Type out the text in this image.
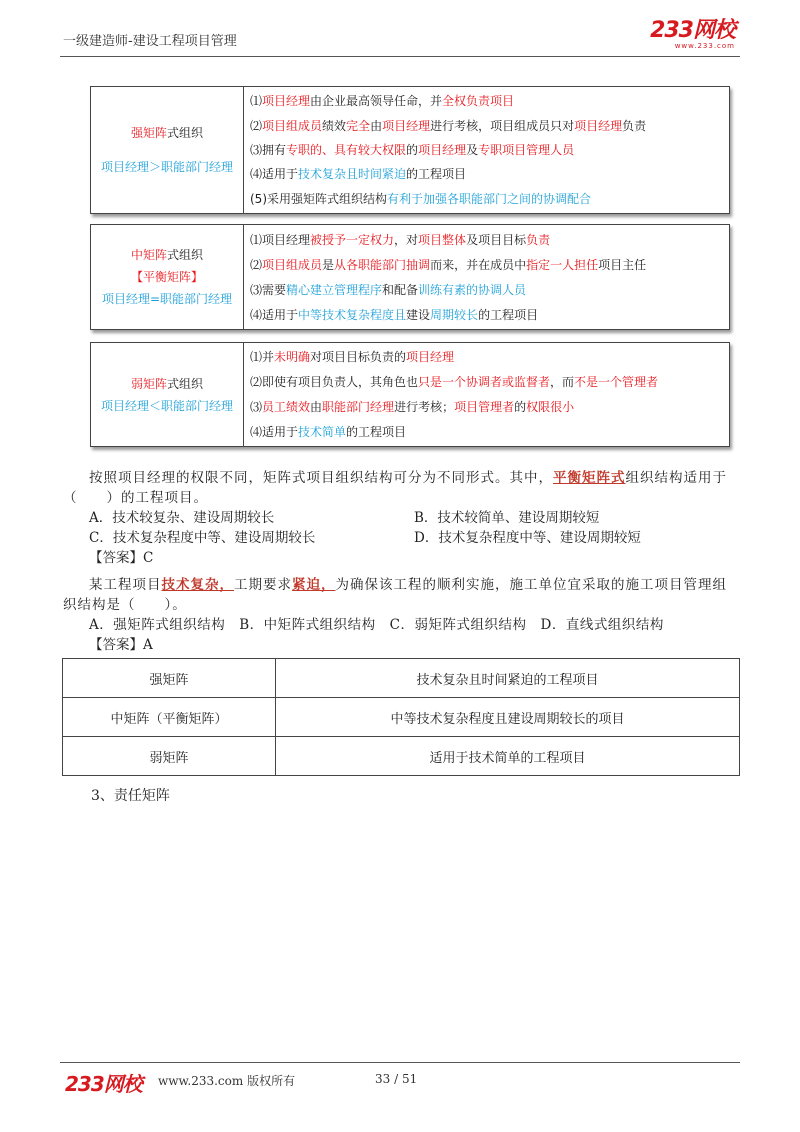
一级建造师-建设工程项目管理	233网校
www.233.com
强矩阵式组织
项目经理＞职能部门经理
⑴项目经理由企业最高领导任命，并全权负责项目
⑵项目组成员绩效完全由项目经理进行考核，项目组成员只对项目经理负责
⑶拥有专职的、具有较大权限的项目经理及专职项目管理人员
⑷适用于技术复杂且时间紧迫的工程项目
(5)采用强矩阵式组织结构有利于加强各职能部门之间的协调配合
中矩阵式组织
【平衡矩阵】
项目经理=职能部门经理
⑴项目经理被授予一定权力，对项目整体及项目目标负责
⑵项目组成员是从各职能部门抽调而来，并在成员中指定一人担任项目主任
⑶需要精心建立管理程序和配备训练有素的协调人员
⑷适用于中等技术复杂程度且建设周期较长的工程项目
弱矩阵式组织
项目经理＜职能部门经理
⑴并未明确对项目目标负责的项目经理
⑵即使有项目负责人，其角色也只是一个协调者或监督者，而不是一个管理者
⑶员工绩效由职能部门经理进行考核；项目管理者的权限很小
⑷适用于技术简单的工程项目
按照项目经理的权限不同，矩阵式项目组织结构可分为不同形式。其中，平衡矩阵式组织结构适用于（　　）的工程项目。
A．技术较复杂、建设周期较长	B．技术较简单、建设周期较短
C．技术复杂程度中等、建设周期较长	D．技术复杂程度中等、建设周期较短
【答案】C
某工程项目技术复杂，工期要求紧迫，为确保该工程的顺利实施，施工单位宜采取的施工项目管理组织结构是（　　）。
A．强矩阵式组织结构　B．中矩阵式组织结构　C．弱矩阵式组织结构　D．直线式组织结构
【答案】A
强矩阵	技术复杂且时间紧迫的工程项目
中矩阵（平衡矩阵）	中等技术复杂程度且建设周期较长的项目
弱矩阵	适用于技术简单的工程项目
3、责任矩阵
233网校 www.233.com 版权所有	33 / 51
